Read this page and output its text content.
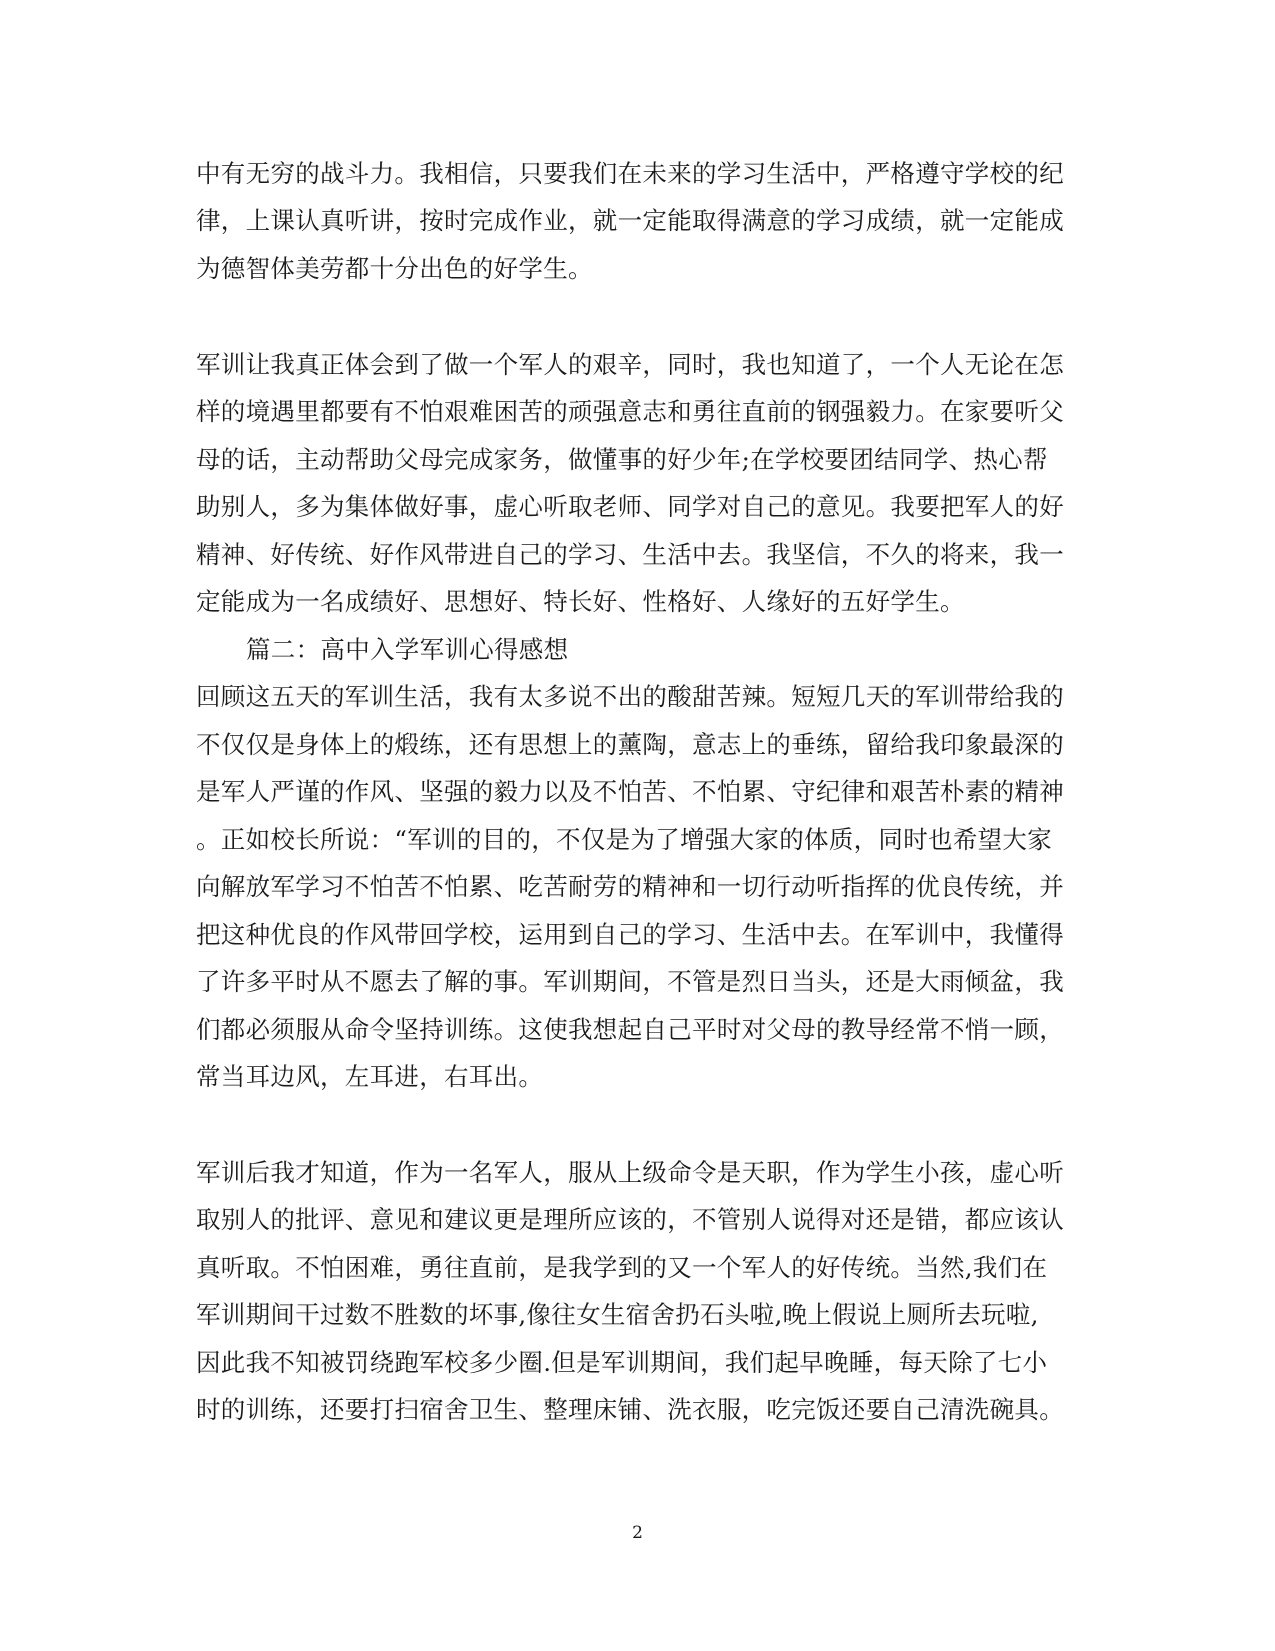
中有无穷的战斗力。我相信，只要我们在未来的学习生活中，严格遵守学校的纪
律，上课认真听讲，按时完成作业，就一定能取得满意的学习成绩，就一定能成
为德智体美劳都十分出色的好学生。
军训让我真正体会到了做一个军人的艰辛，同时，我也知道了，一个人无论在怎
样的境遇里都要有不怕艰难困苦的顽强意志和勇往直前的钢强毅力。在家要听父
母的话，主动帮助父母完成家务，做懂事的好少年;在学校要团结同学、热心帮
助别人，多为集体做好事，虚心听取老师、同学对自己的意见。我要把军人的好
精神、好传统、好作风带进自己的学习、生活中去。我坚信，不久的将来，我一
定能成为一名成绩好、思想好、特长好、性格好、人缘好的五好学生。
篇二：高中入学军训心得感想
回顾这五天的军训生活，我有太多说不出的酸甜苦辣。短短几天的军训带给我的
不仅仅是身体上的煅练，还有思想上的薰陶，意志上的垂练，留给我印象最深的
是军人严谨的作风、坚强的毅力以及不怕苦、不怕累、守纪律和艰苦朴素的精神
。正如校长所说：“军训的目的，不仅是为了增强大家的体质，同时也希望大家
向解放军学习不怕苦不怕累、吃苦耐劳的精神和一切行动听指挥的优良传统，并
把这种优良的作风带回学校，运用到自己的学习、生活中去。在军训中，我懂得
了许多平时从不愿去了解的事。军训期间，不管是烈日当头，还是大雨倾盆，我
们都必须服从命令坚持训练。这使我想起自己平时对父母的教导经常不悄一顾，
常当耳边风，左耳进，右耳出。
军训后我才知道，作为一名军人，服从上级命令是天职，作为学生小孩，虚心听
取别人的批评、意见和建议更是理所应该的，不管别人说得对还是错，都应该认
真听取。不怕困难，勇往直前，是我学到的又一个军人的好传统。当然,我们在
军训期间干过数不胜数的坏事,像往女生宿舍扔石头啦,晚上假说上厕所去玩啦,
因此我不知被罚绕跑军校多少圈.但是军训期间，我们起早晚睡，每天除了七小
时的训练，还要打扫宿舍卫生、整理床铺、洗衣服，吃完饭还要自己清洗碗具。
2
